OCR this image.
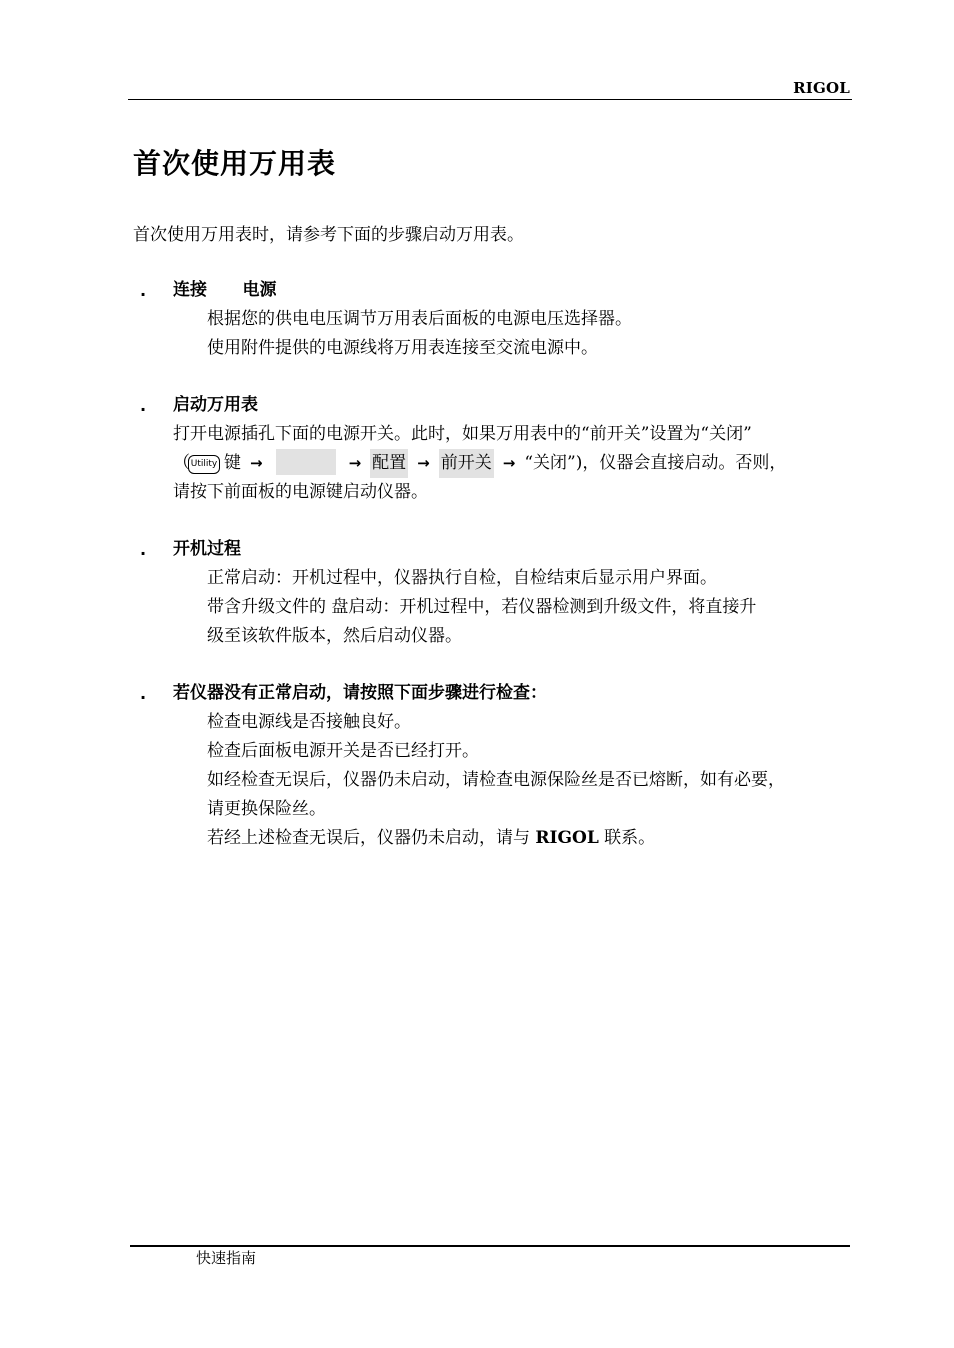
RIGOL
首次使用万用表
首次使用万用表时，请参考下面的步骤启动万用表。
. 连接      电源
根据您的供电电压调节万用表后面板的电源电压选择器。
使用附件提供的电源线将万用表连接至交流电源中。
. 启动万用表
打开电源插孔下面的电源开关。此时，如果万用表中的“前开关”设置为“关闭”
（Utility 键 →	→ 配置 → 前开关 → “关闭”)，仪器会直接启动。否则，
请按下前面板的电源键启动仪器。
. 开机过程
正常启动：开机过程中，仪器执行自检，自检结束后显示用户界面。
带含升级文件的 盘启动：开机过程中，若仪器检测到升级文件，将直接升
级至该软件版本，然后启动仪器。
. 若仪器没有正常启动，请按照下面步骤进行检查：
检查电源线是否接触良好。
检查后面板电源开关是否已经打开。
如经检查无误后，仪器仍未启动，请检查电源保险丝是否已熔断，如有必要，
请更换保险丝。
若经上述检查无误后，仪器仍未启动，请与 RIGOL 联系。
快速指南
